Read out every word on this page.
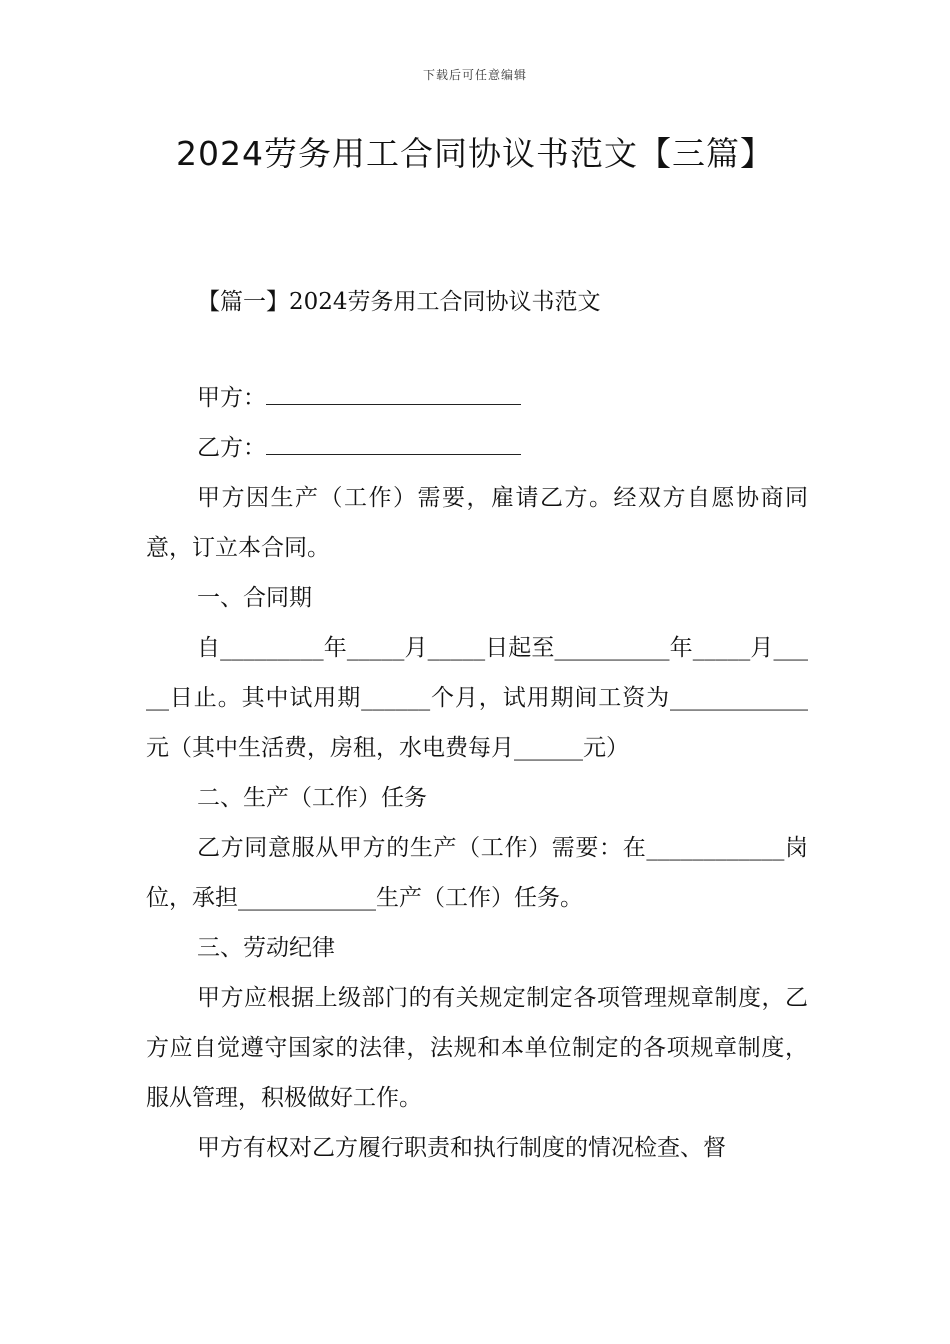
下载后可任意编辑
2024劳务用工合同协议书范文【三篇】
【篇一】2024劳务用工合同协议书范文

甲方：

乙方：

甲方因生产（工作）需要，雇请乙方。经双方自愿协商同意，订立本合同。

一、合同期

自_________年_____月_____日起至__________年_____月_____日止。其中试用期______个月，试用期间工资为____________元（其中生活费，房租，水电费每月______元）

二、生产（工作）任务

乙方同意服从甲方的生产（工作）需要：在____________岗位，承担____________生产（工作）任务。

三、劳动纪律

甲方应根据上级部门的有关规定制定各项管理规章制度，乙方应自觉遵守国家的法律，法规和本单位制定的各项规章制度，服从管理，积极做好工作。

甲方有权对乙方履行职责和执行制度的情况检查、督
